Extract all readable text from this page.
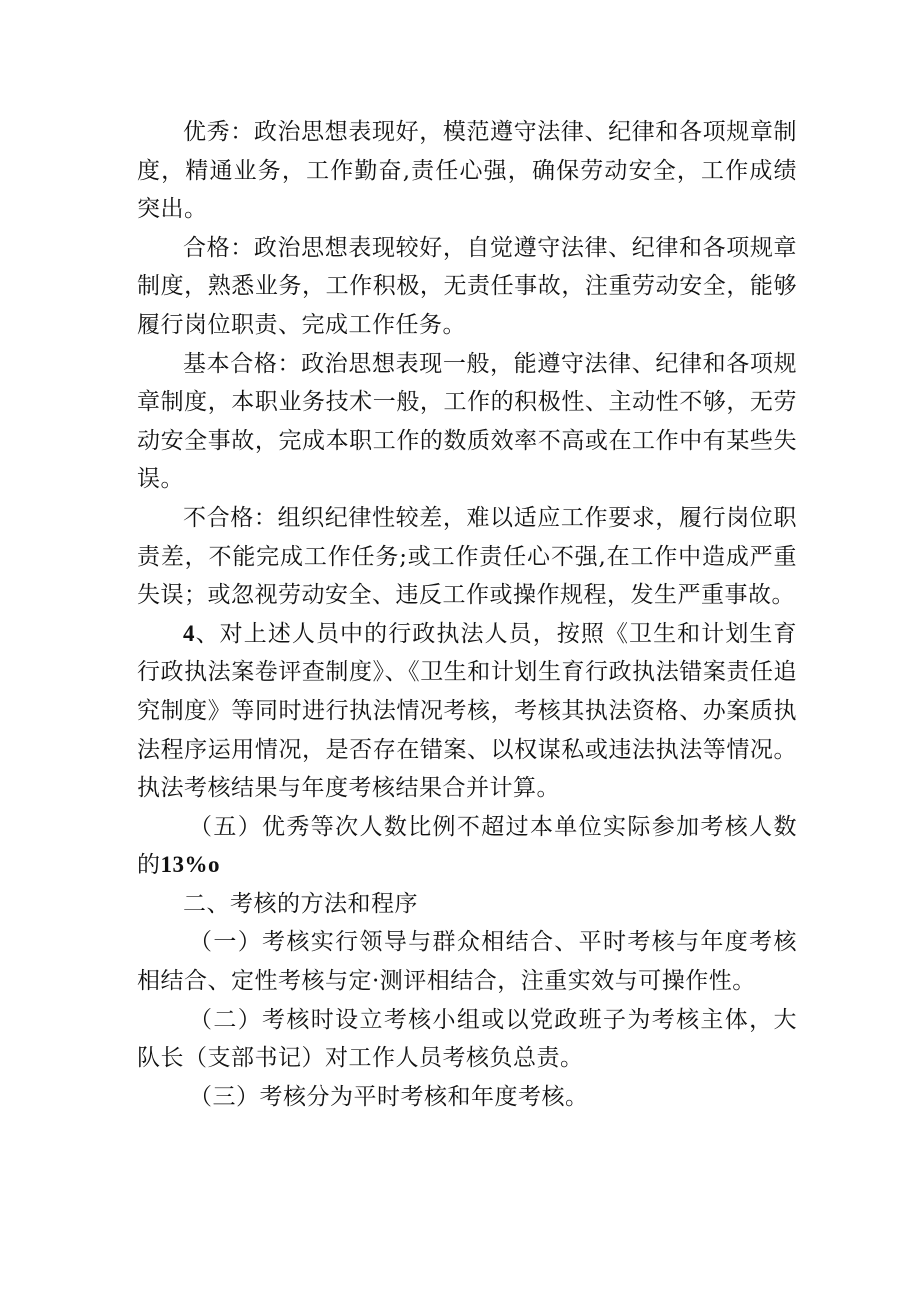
优秀：政治思想表现好，模范遵守法律、纪律和各项规章制度，精通业务，工作勤奋,责任心强，确保劳动安全，工作成绩突出。

合格：政治思想表现较好，自觉遵守法律、纪律和各项规章制度，熟悉业务，工作积极，无责任事故，注重劳动安全，能够履行岗位职责、完成工作任务。

基本合格：政治思想表现一般，能遵守法律、纪律和各项规章制度，本职业务技术一般，工作的积极性、主动性不够，无劳动安全事故，完成本职工作的数质效率不高或在工作中有某些失误。

不合格：组织纪律性较差，难以适应工作要求，履行岗位职责差，不能完成工作任务;或工作责任心不强,在工作中造成严重失误；或忽视劳动安全、违反工作或操作规程，发生严重事故。

4、对上述人员中的行政执法人员，按照《卫生和计划生育行政执法案卷评查制度》、《卫生和计划生育行政执法错案责任追究制度》等同时进行执法情况考核，考核其执法资格、办案质执法程序运用情况，是否存在错案、以权谋私或违法执法等情况。执法考核结果与年度考核结果合并计算。

（五）优秀等次人数比例不超过本单位实际参加考核人数的13%o

二、考核的方法和程序

（一）考核实行领导与群众相结合、平时考核与年度考核相结合、定性考核与定·测评相结合，注重实效与可操作性。

（二）考核时设立考核小组或以党政班子为考核主体，大队长（支部书记）对工作人员考核负总责。

（三）考核分为平时考核和年度考核。
